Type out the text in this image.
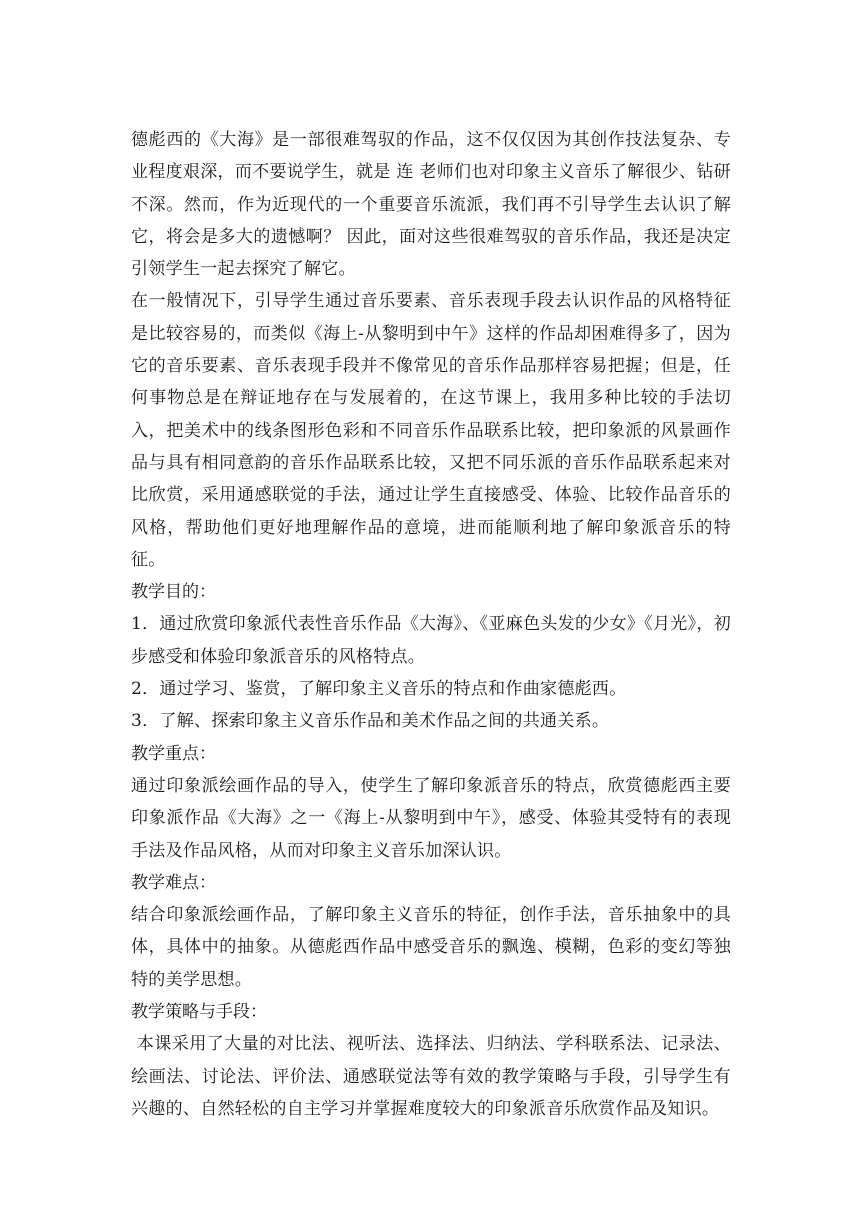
德彪西的《大海》是一部很难驾驭的作品，这不仅仅因为其创作技法复杂、专业程度艰深，而不要说学生，就是 连 老师们也对印象主义音乐了解很少、钻研不深。然而，作为近现代的一个重要音乐流派，我们再不引导学生去认识了解它，将会是多大的遗憾啊？ 因此，面对这些很难驾驭的音乐作品，我还是决定引领学生一起去探究了解它。

在一般情况下，引导学生通过音乐要素、音乐表现手段去认识作品的风格特征是比较容易的，而类似《海上-从黎明到中午》这样的作品却困难得多了，因为它的音乐要素、音乐表现手段并不像常见的音乐作品那样容易把握；但是，任何事物总是在辩证地存在与发展着的，在这节课上，我用多种比较的手法切入，把美术中的线条图形色彩和不同音乐作品联系比较，把印象派的风景画作品与具有相同意韵的音乐作品联系比较，又把不同乐派的音乐作品联系起来对比欣赏，采用通感联觉的手法，通过让学生直接感受、体验、比较作品音乐的风格，帮助他们更好地理解作品的意境，进而能顺利地了解印象派音乐的特征。

教学目的：

1．通过欣赏印象派代表性音乐作品《大海》、《亚麻色头发的少女》《月光》，初步感受和体验印象派音乐的风格特点。

2．通过学习、鉴赏，了解印象主义音乐的特点和作曲家德彪西。

3．了解、探索印象主义音乐作品和美术作品之间的共通关系。

教学重点：

通过印象派绘画作品的导入，使学生了解印象派音乐的特点，欣赏德彪西主要印象派作品《大海》之一《海上-从黎明到中午》，感受、体验其受特有的表现手法及作品风格，从而对印象主义音乐加深认识。

教学难点：

结合印象派绘画作品，了解印象主义音乐的特征，创作手法，音乐抽象中的具体，具体中的抽象。从德彪西作品中感受音乐的飘逸、模糊，色彩的变幻等独特的美学思想。

教学策略与手段：

本课采用了大量的对比法、视听法、选择法、归纳法、学科联系法、记录法、绘画法、讨论法、评价法、通感联觉法等有效的教学策略与手段，引导学生有兴趣的、自然轻松的自主学习并掌握难度较大的印象派音乐欣赏作品及知识。
